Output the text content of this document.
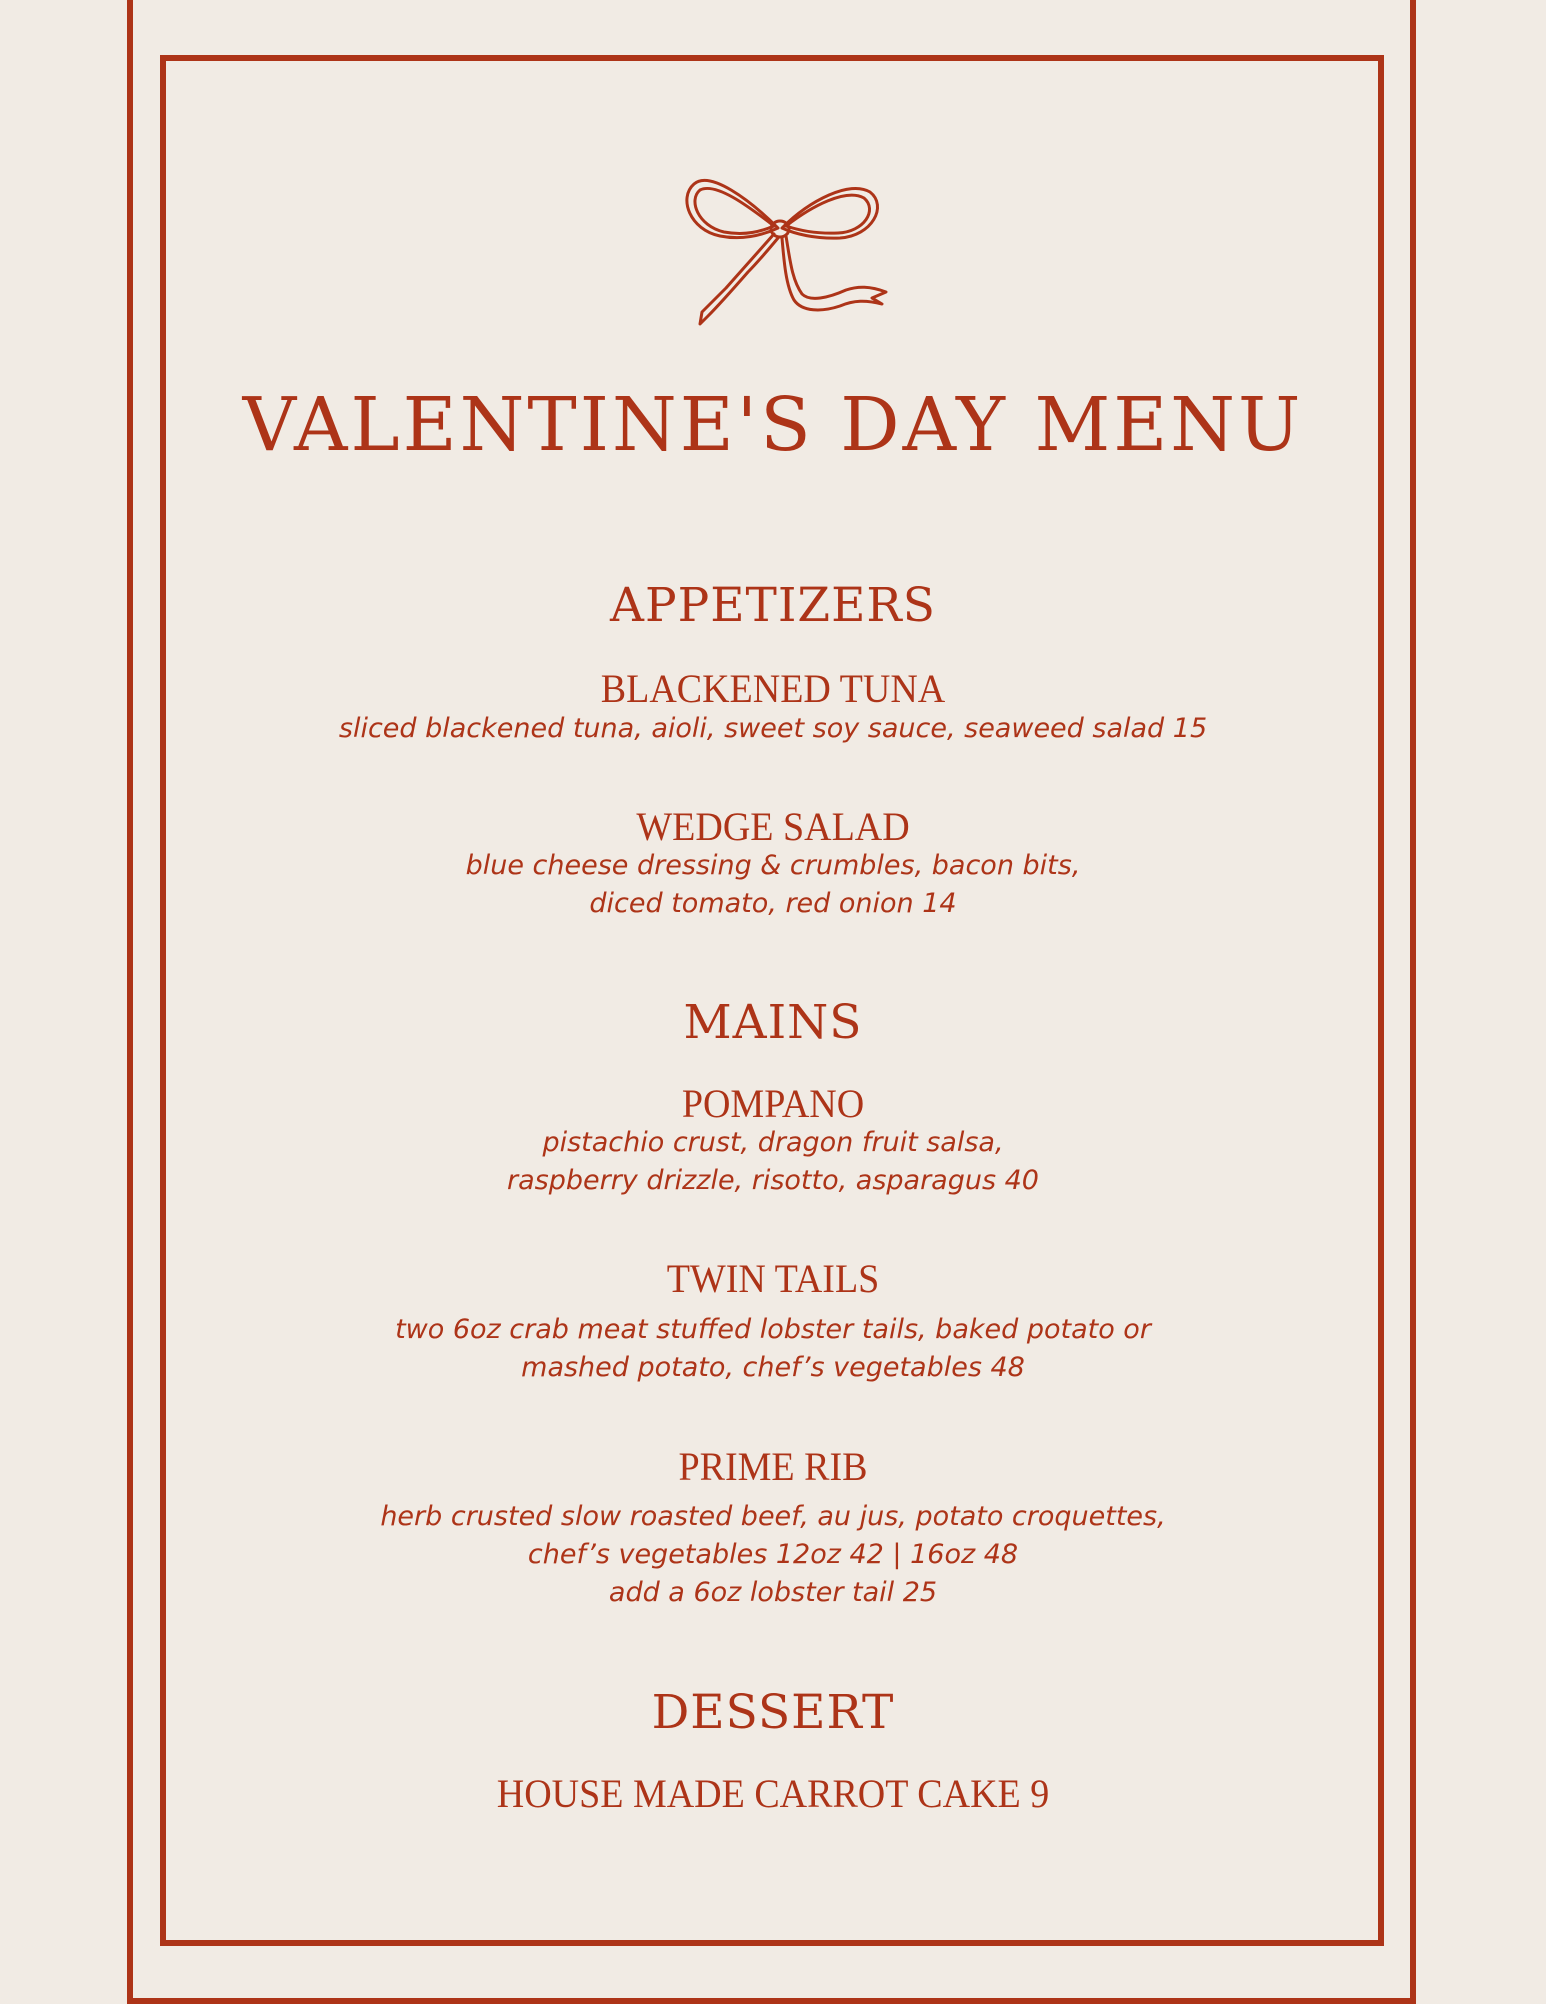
VALENTINE'S DAY MENU
APPETIZERS
BLACKENED TUNA
sliced blackened tuna, aioli, sweet soy sauce, seaweed salad 15
WEDGE SALAD
blue cheese dressing & crumbles, bacon bits,
diced tomato, red onion 14
MAINS
POMPANO
pistachio crust, dragon fruit salsa,
raspberry drizzle, risotto, asparagus 40
TWIN TAILS
two 6oz crab meat stuffed lobster tails, baked potato or
mashed potato, chef’s vegetables 48
PRIME RIB
herb crusted slow roasted beef, au jus, potato croquettes,
chef’s vegetables 12oz 42 | 16oz 48
add a 6oz lobster tail 25
DESSERT
HOUSE MADE CARROT CAKE 9
